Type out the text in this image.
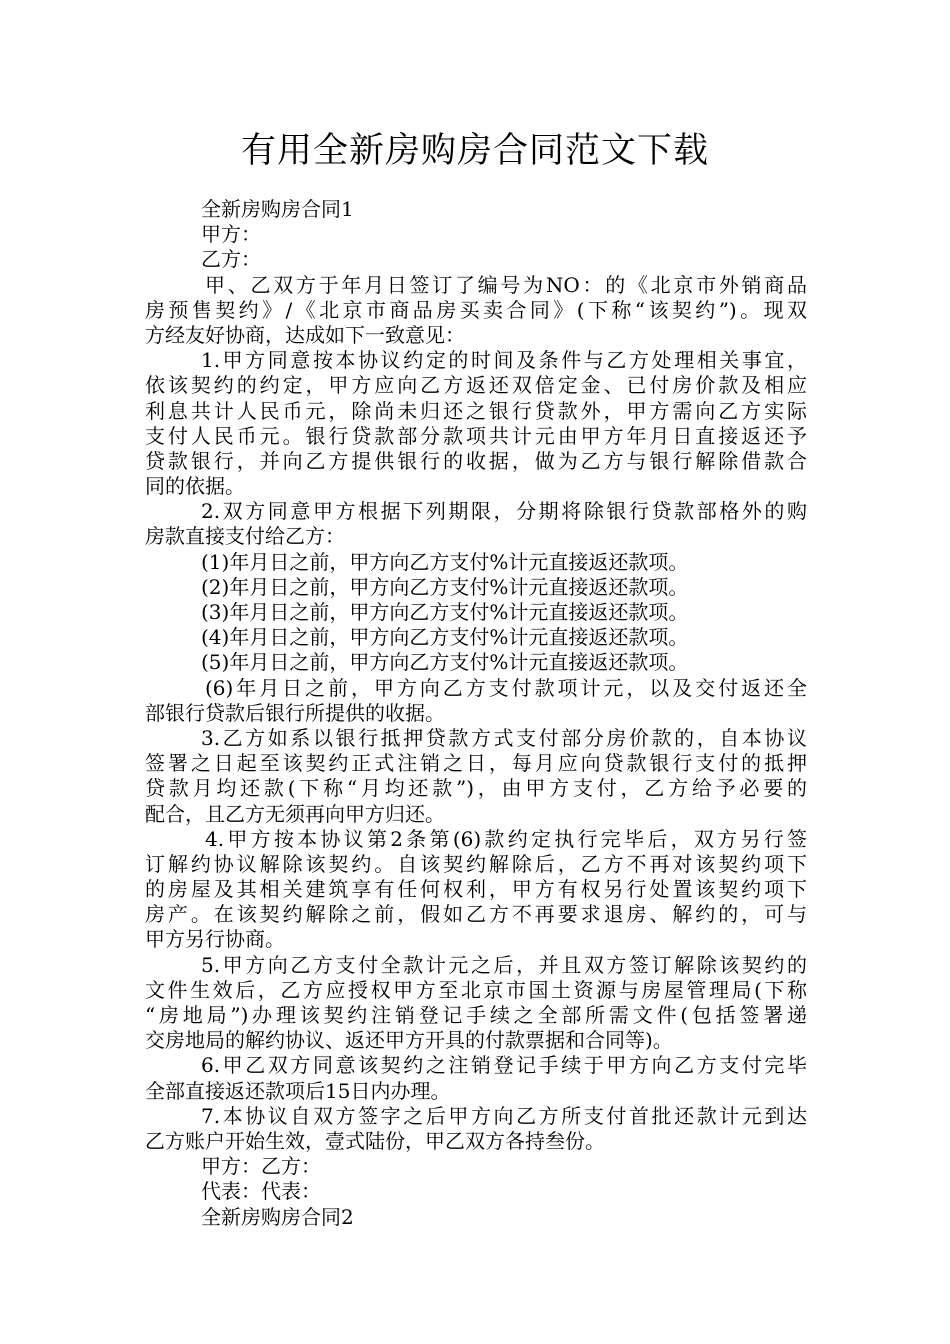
有用全新房购房合同范文下载
全新房购房合同1
甲方：
乙方：
甲、乙双方于年月日签订了编号为NO：的《北京市外销商品
房预售契约》/《北京市商品房买卖合同》(下称“该契约”)。现双
方经友好协商，达成如下一致意见：
1.甲方同意按本协议约定的时间及条件与乙方处理相关事宜，
依该契约的约定，甲方应向乙方返还双倍定金、已付房价款及相应
利息共计人民币元，除尚未归还之银行贷款外，甲方需向乙方实际
支付人民币元。银行贷款部分款项共计元由甲方年月日直接返还予
贷款银行，并向乙方提供银行的收据，做为乙方与银行解除借款合
同的依据。
2.双方同意甲方根据下列期限，分期将除银行贷款部格外的购
房款直接支付给乙方：
(1)年月日之前，甲方向乙方支付%计元直接返还款项。
(2)年月日之前，甲方向乙方支付%计元直接返还款项。
(3)年月日之前，甲方向乙方支付%计元直接返还款项。
(4)年月日之前，甲方向乙方支付%计元直接返还款项。
(5)年月日之前，甲方向乙方支付%计元直接返还款项。
(6)年月日之前，甲方向乙方支付款项计元，以及交付返还全
部银行贷款后银行所提供的收据。
3.乙方如系以银行抵押贷款方式支付部分房价款的，自本协议
签署之日起至该契约正式注销之日，每月应向贷款银行支付的抵押
贷款月均还款(下称“月均还款”)，由甲方支付，乙方给予必要的
配合，且乙方无须再向甲方归还。
4.甲方按本协议第2条第(6)款约定执行完毕后，双方另行签
订解约协议解除该契约。自该契约解除后，乙方不再对该契约项下
的房屋及其相关建筑享有任何权利，甲方有权另行处置该契约项下
房产。在该契约解除之前，假如乙方不再要求退房、解约的，可与
甲方另行协商。
5.甲方向乙方支付全款计元之后，并且双方签订解除该契约的
文件生效后，乙方应授权甲方至北京市国土资源与房屋管理局(下称
“房地局”)办理该契约注销登记手续之全部所需文件(包括签署递
交房地局的解约协议、返还甲方开具的付款票据和合同等)。
6.甲乙双方同意该契约之注销登记手续于甲方向乙方支付完毕
全部直接返还款项后15日内办理。
7.本协议自双方签字之后甲方向乙方所支付首批还款计元到达
乙方账户开始生效，壹式陆份，甲乙双方各持叁份。
甲方：乙方：
代表：代表：
全新房购房合同2
